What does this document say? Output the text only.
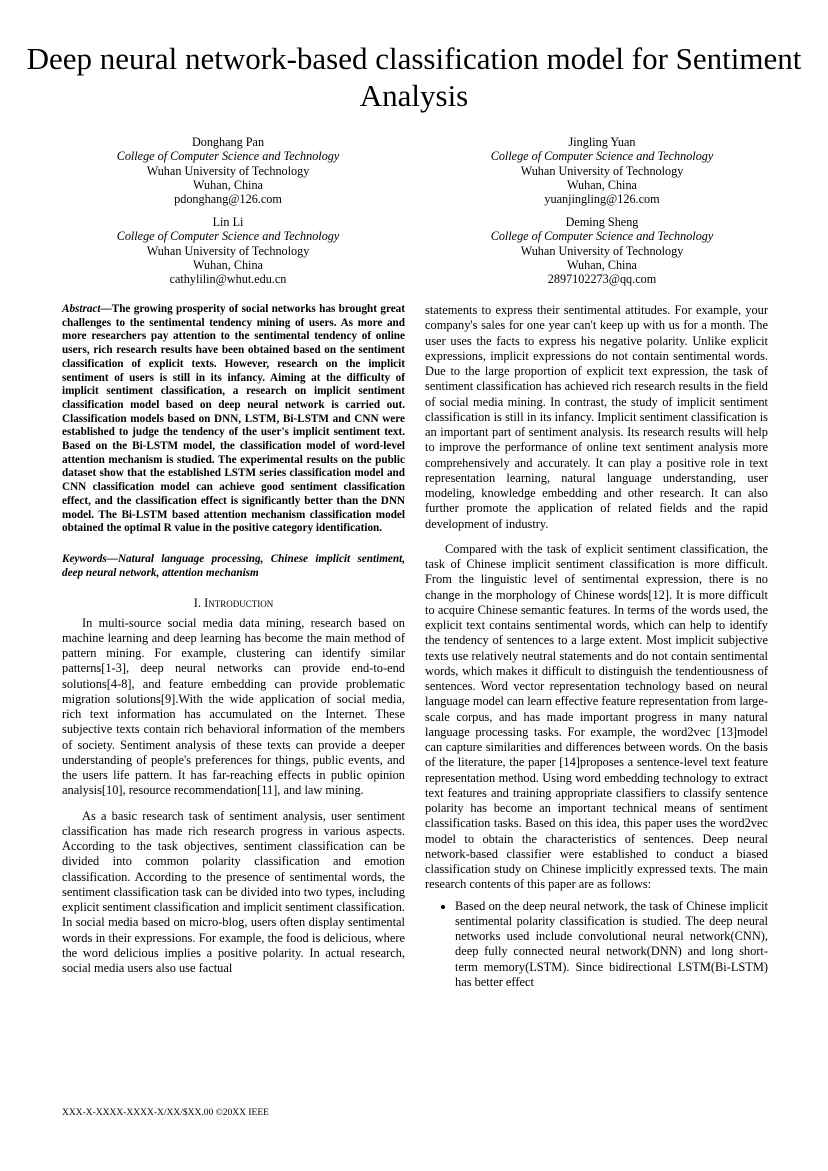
Deep neural network-based classification model for Sentiment Analysis
Donghang Pan
College of Computer Science and Technology
Wuhan University of Technology
Wuhan, China
pdonghang@126.com
Jingling Yuan
College of Computer Science and Technology
Wuhan University of Technology
Wuhan, China
yuanjingling@126.com
Lin Li
College of Computer Science and Technology
Wuhan University of Technology
Wuhan, China
cathylilin@whut.edu.cn
Deming Sheng
College of Computer Science and Technology
Wuhan University of Technology
Wuhan, China
2897102273@qq.com

Abstract—The growing prosperity of social networks has brought great challenges to the sentimental tendency mining of users. As more and more researchers pay attention to the sentimental tendency of online users, rich research results have been obtained based on the sentiment classification of explicit texts. However, research on the implicit sentiment of users is still in its infancy. Aiming at the difficulty of implicit sentiment classification, a research on implicit sentiment classification model based on deep neural network is carried out. Classification models based on DNN, LSTM, Bi-LSTM and CNN were established to judge the tendency of the user's implicit sentiment text. Based on the Bi-LSTM model, the classification model of word-level attention mechanism is studied. The experimental results on the public dataset show that the established LSTM series classification model and CNN classification model can achieve good sentiment classification effect, and the classification effect is significantly better than the DNN model. The Bi-LSTM based attention mechanism classification model obtained the optimal R value in the positive category identification.

Keywords—Natural language processing, Chinese implicit sentiment, deep neural network, attention mechanism

I. Introduction

In multi-source social media data mining, research based on machine learning and deep learning has become the main method of pattern mining. For example, clustering can identify similar patterns[1-3], deep neural networks can provide end-to-end solutions[4-8], and feature embedding can provide problematic migration solutions[9].With the wide application of social media, rich text information has accumulated on the Internet. These subjective texts contain rich behavioral information of the members of society. Sentiment analysis of these texts can provide a deeper understanding of people's preferences for things, public events, and the users life pattern. It has far-reaching effects in public opinion analysis[10], resource recommendation[11], and law mining.

As a basic research task of sentiment analysis, user sentiment classification has made rich research progress in various aspects. According to the task objectives, sentiment classification can be divided into common polarity classification and emotion classification. According to the presence of sentimental words, the sentiment classification task can be divided into two types, including explicit sentiment classification and implicit sentiment classification. In social media based on micro-blog, users often display sentimental words in their expressions. For example, the food is delicious, where the word delicious implies a positive polarity. In actual research, social media users also use factual

statements to express their sentimental attitudes. For example, your company's sales for one year can't keep up with us for a month. The user uses the facts to express his negative polarity. Unlike explicit expressions, implicit expressions do not contain sentimental words. Due to the large proportion of explicit text expression, the task of sentiment classification has achieved rich research results in the field of social media mining. In contrast, the study of implicit sentiment classification is still in its infancy. Implicit sentiment classification is an important part of sentiment analysis. Its research results will help to improve the performance of online text sentiment analysis more comprehensively and accurately. It can play a positive role in text representation learning, natural language understanding, user modeling, knowledge embedding and other research. It can also further promote the application of related fields and the rapid development of industry.

Compared with the task of explicit sentiment classification, the task of Chinese implicit sentiment classification is more difficult. From the linguistic level of sentimental expression, there is no change in the morphology of Chinese words[12]. It is more difficult to acquire Chinese semantic features. In terms of the words used, the explicit text contains sentimental words, which can help to identify the tendency of sentences to a large extent. Most implicit subjective texts use relatively neutral statements and do not contain sentimental words, which makes it difficult to distinguish the tendentiousness of sentences. Word vector representation technology based on neural language model can learn effective feature representation from large-scale corpus, and has made important progress in many natural language processing tasks. For example, the word2vec [13]model can capture similarities and differences between words. On the basis of the literature, the paper [14]proposes a sentence-level text feature representation method. Using word embedding technology to extract text features and training appropriate classifiers to classify sentence polarity has become an important technical means of sentiment classification tasks. Based on this idea, this paper uses the word2vec model to obtain the characteristics of sentences. Deep neural network-based classifier were established to conduct a biased classification study on Chinese implicitly expressed texts. The main research contents of this paper are as follows:

• Based on the deep neural network, the task of Chinese implicit sentimental polarity classification is studied. The deep neural networks used include convolutional neural network(CNN), deep fully connected neural network(DNN) and long short-term memory(LSTM). Since bidirectional LSTM(Bi-LSTM) has better effect
XXX-X-XXXX-XXXX-X/XX/$XX.00 ©20XX IEEE
